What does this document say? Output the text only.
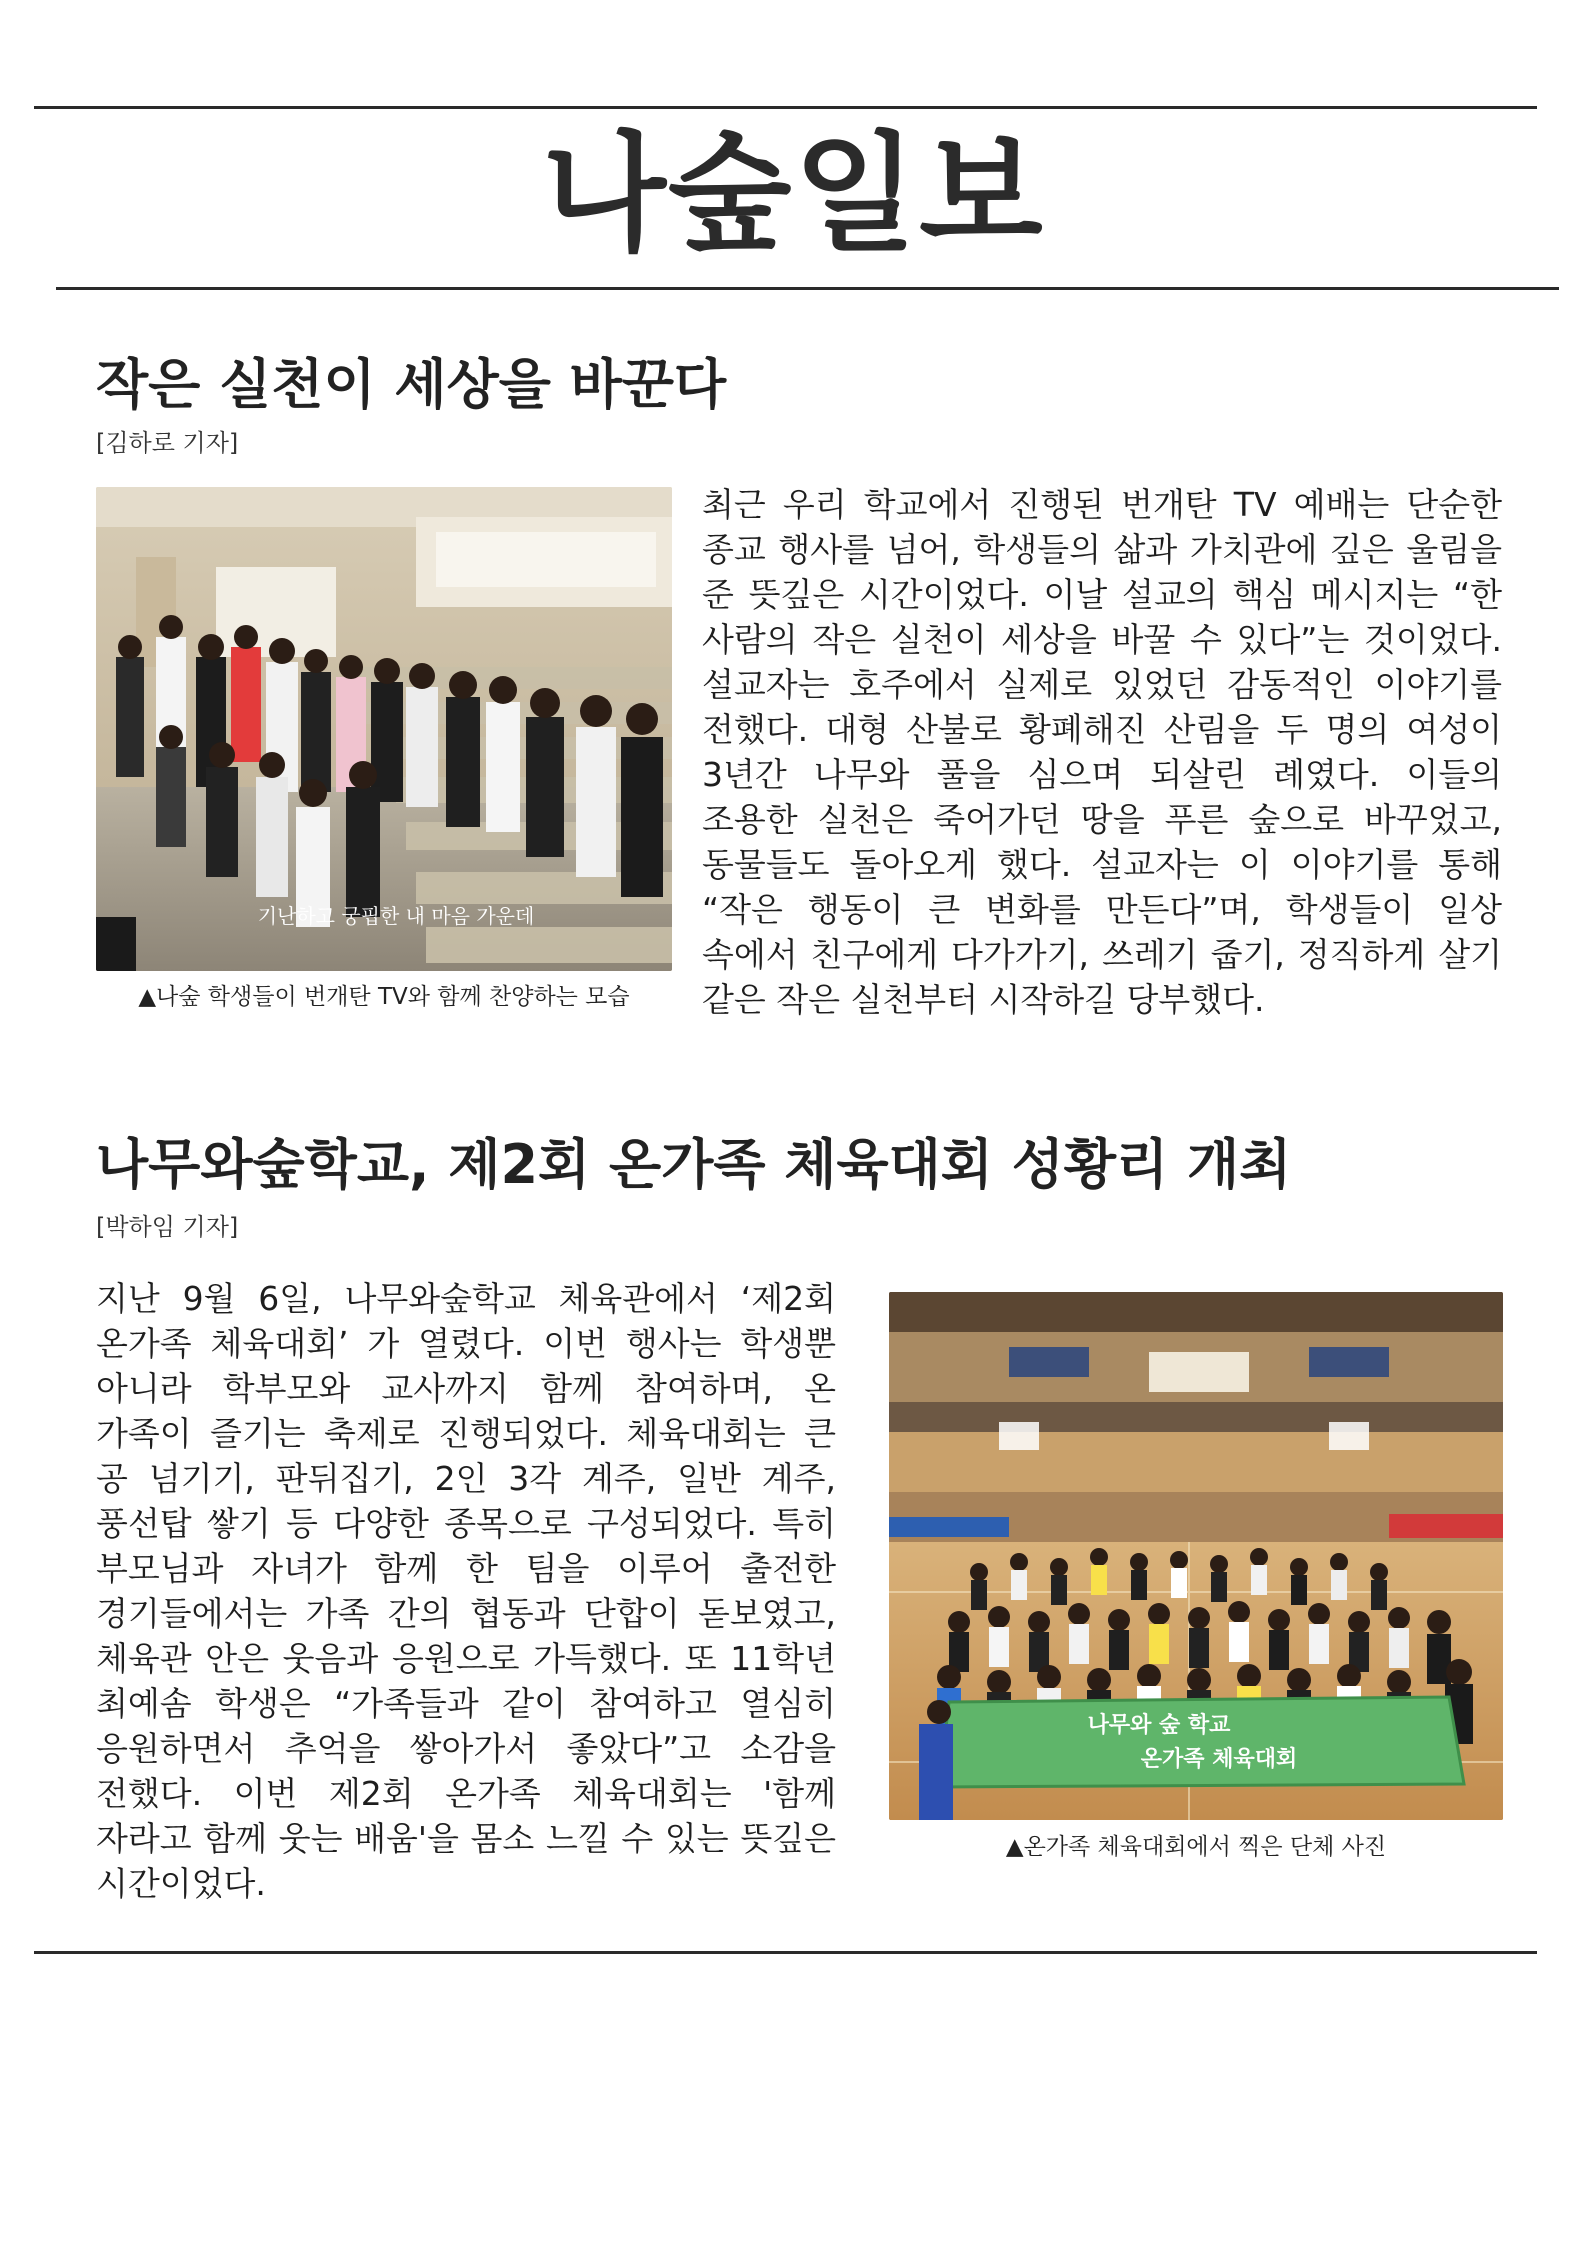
나숲일보
작은 실천이 세상을 바꾼다
[김하로 기자]
기난하고 궁핍한 내 마음 가운데
▲나숲 학생들이 번개탄 TV와 함께 찬양하는 모습
최근 우리 학교에서 진행된 번개탄 TV 예배는 단순한 종교 행사를 넘어, 학생들의 삶과 가치관에 깊은 울림을 준 뜻깊은 시간이었다. 이날 설교의 핵심 메시지는 “한 사람의 작은 실천이 세상을 바꿀 수 있다”는 것이었다. 설교자는 호주에서 실제로 있었던 감동적인 이야기를 전했다. 대형 산불로 황폐해진 산림을 두 명의 여성이 3년간 나무와 풀을 심으며 되살린 례였다. 이들의 조용한 실천은 죽어가던 땅을 푸른 숲으로 바꾸었고, 동물들도 돌아오게 했다. 설교자는 이 이야기를 통해 “작은 행동이 큰 변화를 만든다”며, 학생들이 일상 속에서 친구에게 다가가기, 쓰레기 줍기, 정직하게 살기 같은 작은 실천부터 시작하길 당부했다.
나무와숲학교, 제2회 온가족 체육대회 성황리 개최
[박하임 기자]
지난 9월 6일, 나무와숲학교 체육관에서 ‘제2회 온가족 체육대회’ 가 열렸다. 이번 행사는 학생뿐 아니라 학부모와 교사까지 함께 참여하며, 온 가족이 즐기는 축제로 진행되었다. 체육대회는 큰 공 넘기기, 판뒤집기, 2인 3각 계주, 일반 계주, 풍선탑 쌓기 등 다양한 종목으로 구성되었다. 특히 부모님과 자녀가 함께 한 팀을 이루어 출전한 경기들에서는 가족 간의 협동과 단합이 돋보였고, 체육관 안은 웃음과 응원으로 가득했다. 또 11학년 최예솜 학생은 “가족들과 같이 참여하고 열심히 응원하면서 추억을 쌓아가서 좋았다”고 소감을 전했다. 이번 제2회 온가족 체육대회는 '함께 자라고 함께 웃는 배움'을 몸소 느낄 수 있는 뜻깊은 시간이었다.
나무와 숲 학교
온가족 체육대회
▲온가족 체육대회에서 찍은 단체 사진
